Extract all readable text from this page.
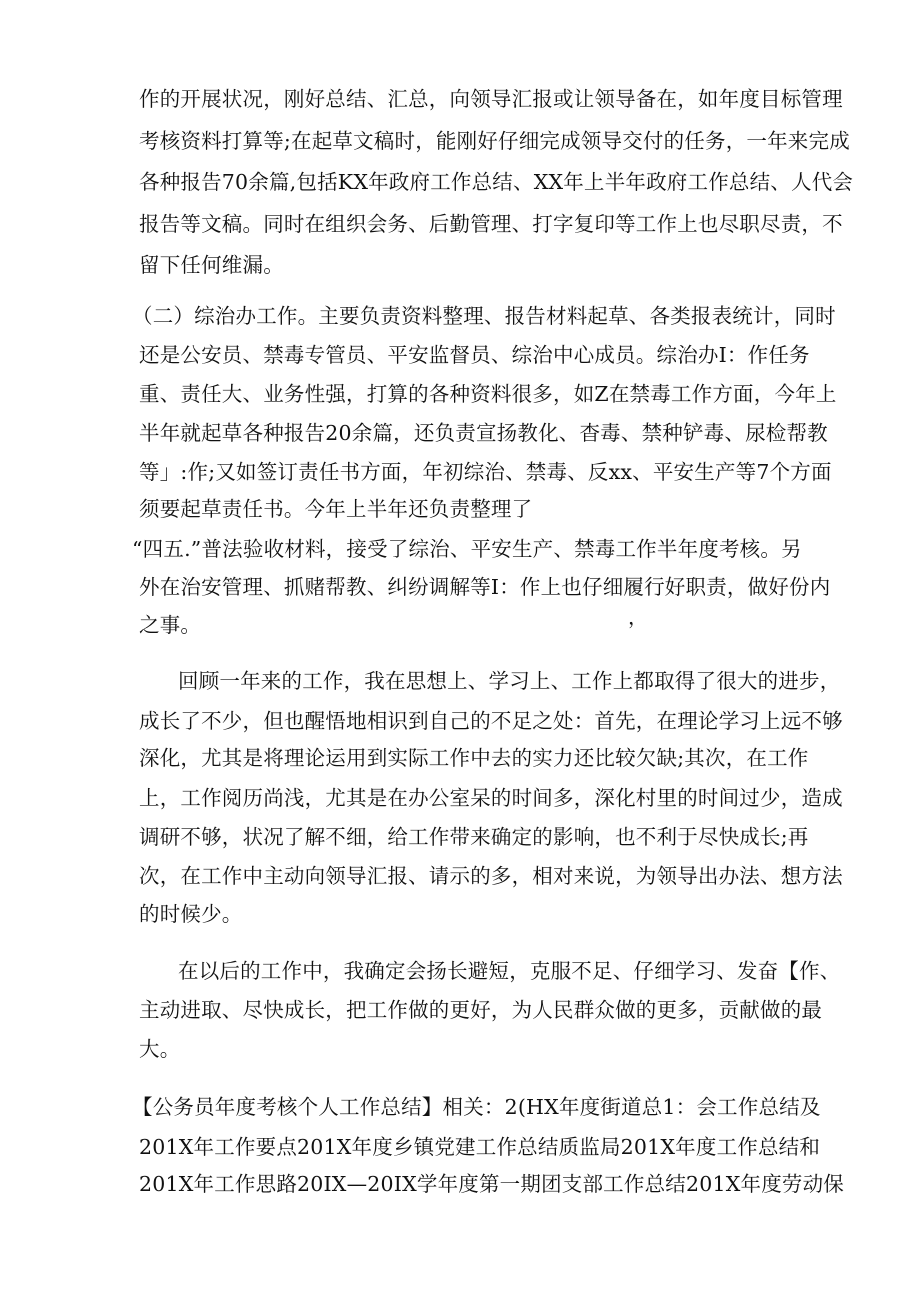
作的开展状况，刚好总结、汇总，向领导汇报或让领导备在，如年度目标管理
考核资料打算等;在起草文稿时，能刚好仔细完成领导交付的任务，一年来完成
各种报告70余篇,包括KX年政府工作总结、XX年上半年政府工作总结、人代会
报告等文稿。同时在组织会务、后勤管理、打字复印等工作上也尽职尽责，不
留下任何维漏。
（二）综治办工作。主要负责资料整理、报告材料起草、各类报表统计，同时
还是公安员、禁毒专管员、平安监督员、综治中心成员。综治办I：作任务
重、责任大、业务性强，打算的各种资料很多，如Z在禁毒工作方面，今年上
半年就起草各种报告20余篇，还负责宣扬教化、杳毒、禁种铲毒、尿检帮教
等」:作;又如签订责任书方面，年初综治、禁毒、反xx、平安生产等7个方面
须要起草责任书。今年上半年还负责整理了
“四五.”普法验收材料，接受了综治、平安生产、禁毒工作半年度考核。另
外在治安管理、抓赌帮教、纠纷调解等I：作上也仔细履行好职责，做好份内
之事。	，
回顾一年来的工作，我在思想上、学习上、工作上都取得了很大的进步，
成长了不少，但也醒悟地相识到自己的不足之处：首先，在理论学习上远不够
深化，尤其是将理论运用到实际工作中去的实力还比较欠缺;其次，在工作
上，工作阅历尚浅，尤其是在办公室呆的时间多，深化村里的时间过少，造成
调研不够，状况了解不细，给工作带来确定的影响，也不利于尽快成长;再
次，在工作中主动向领导汇报、请示的多，相对来说，为领导出办法、想方法
的时候少。
在以后的工作中，我确定会扬长避短，克服不足、仔细学习、发奋【作、
主动进取、尽快成长，把工作做的更好，为人民群众做的更多，贡献做的最
大。
【公务员年度考核个人工作总结】相关：2(HX年度街道总1：会工作总结及
201X年工作要点201X年度乡镇党建工作总结质监局201X年度工作总结和
201X年工作思路20IX—20IX学年度第一期团支部工作总结201X年度劳动保
